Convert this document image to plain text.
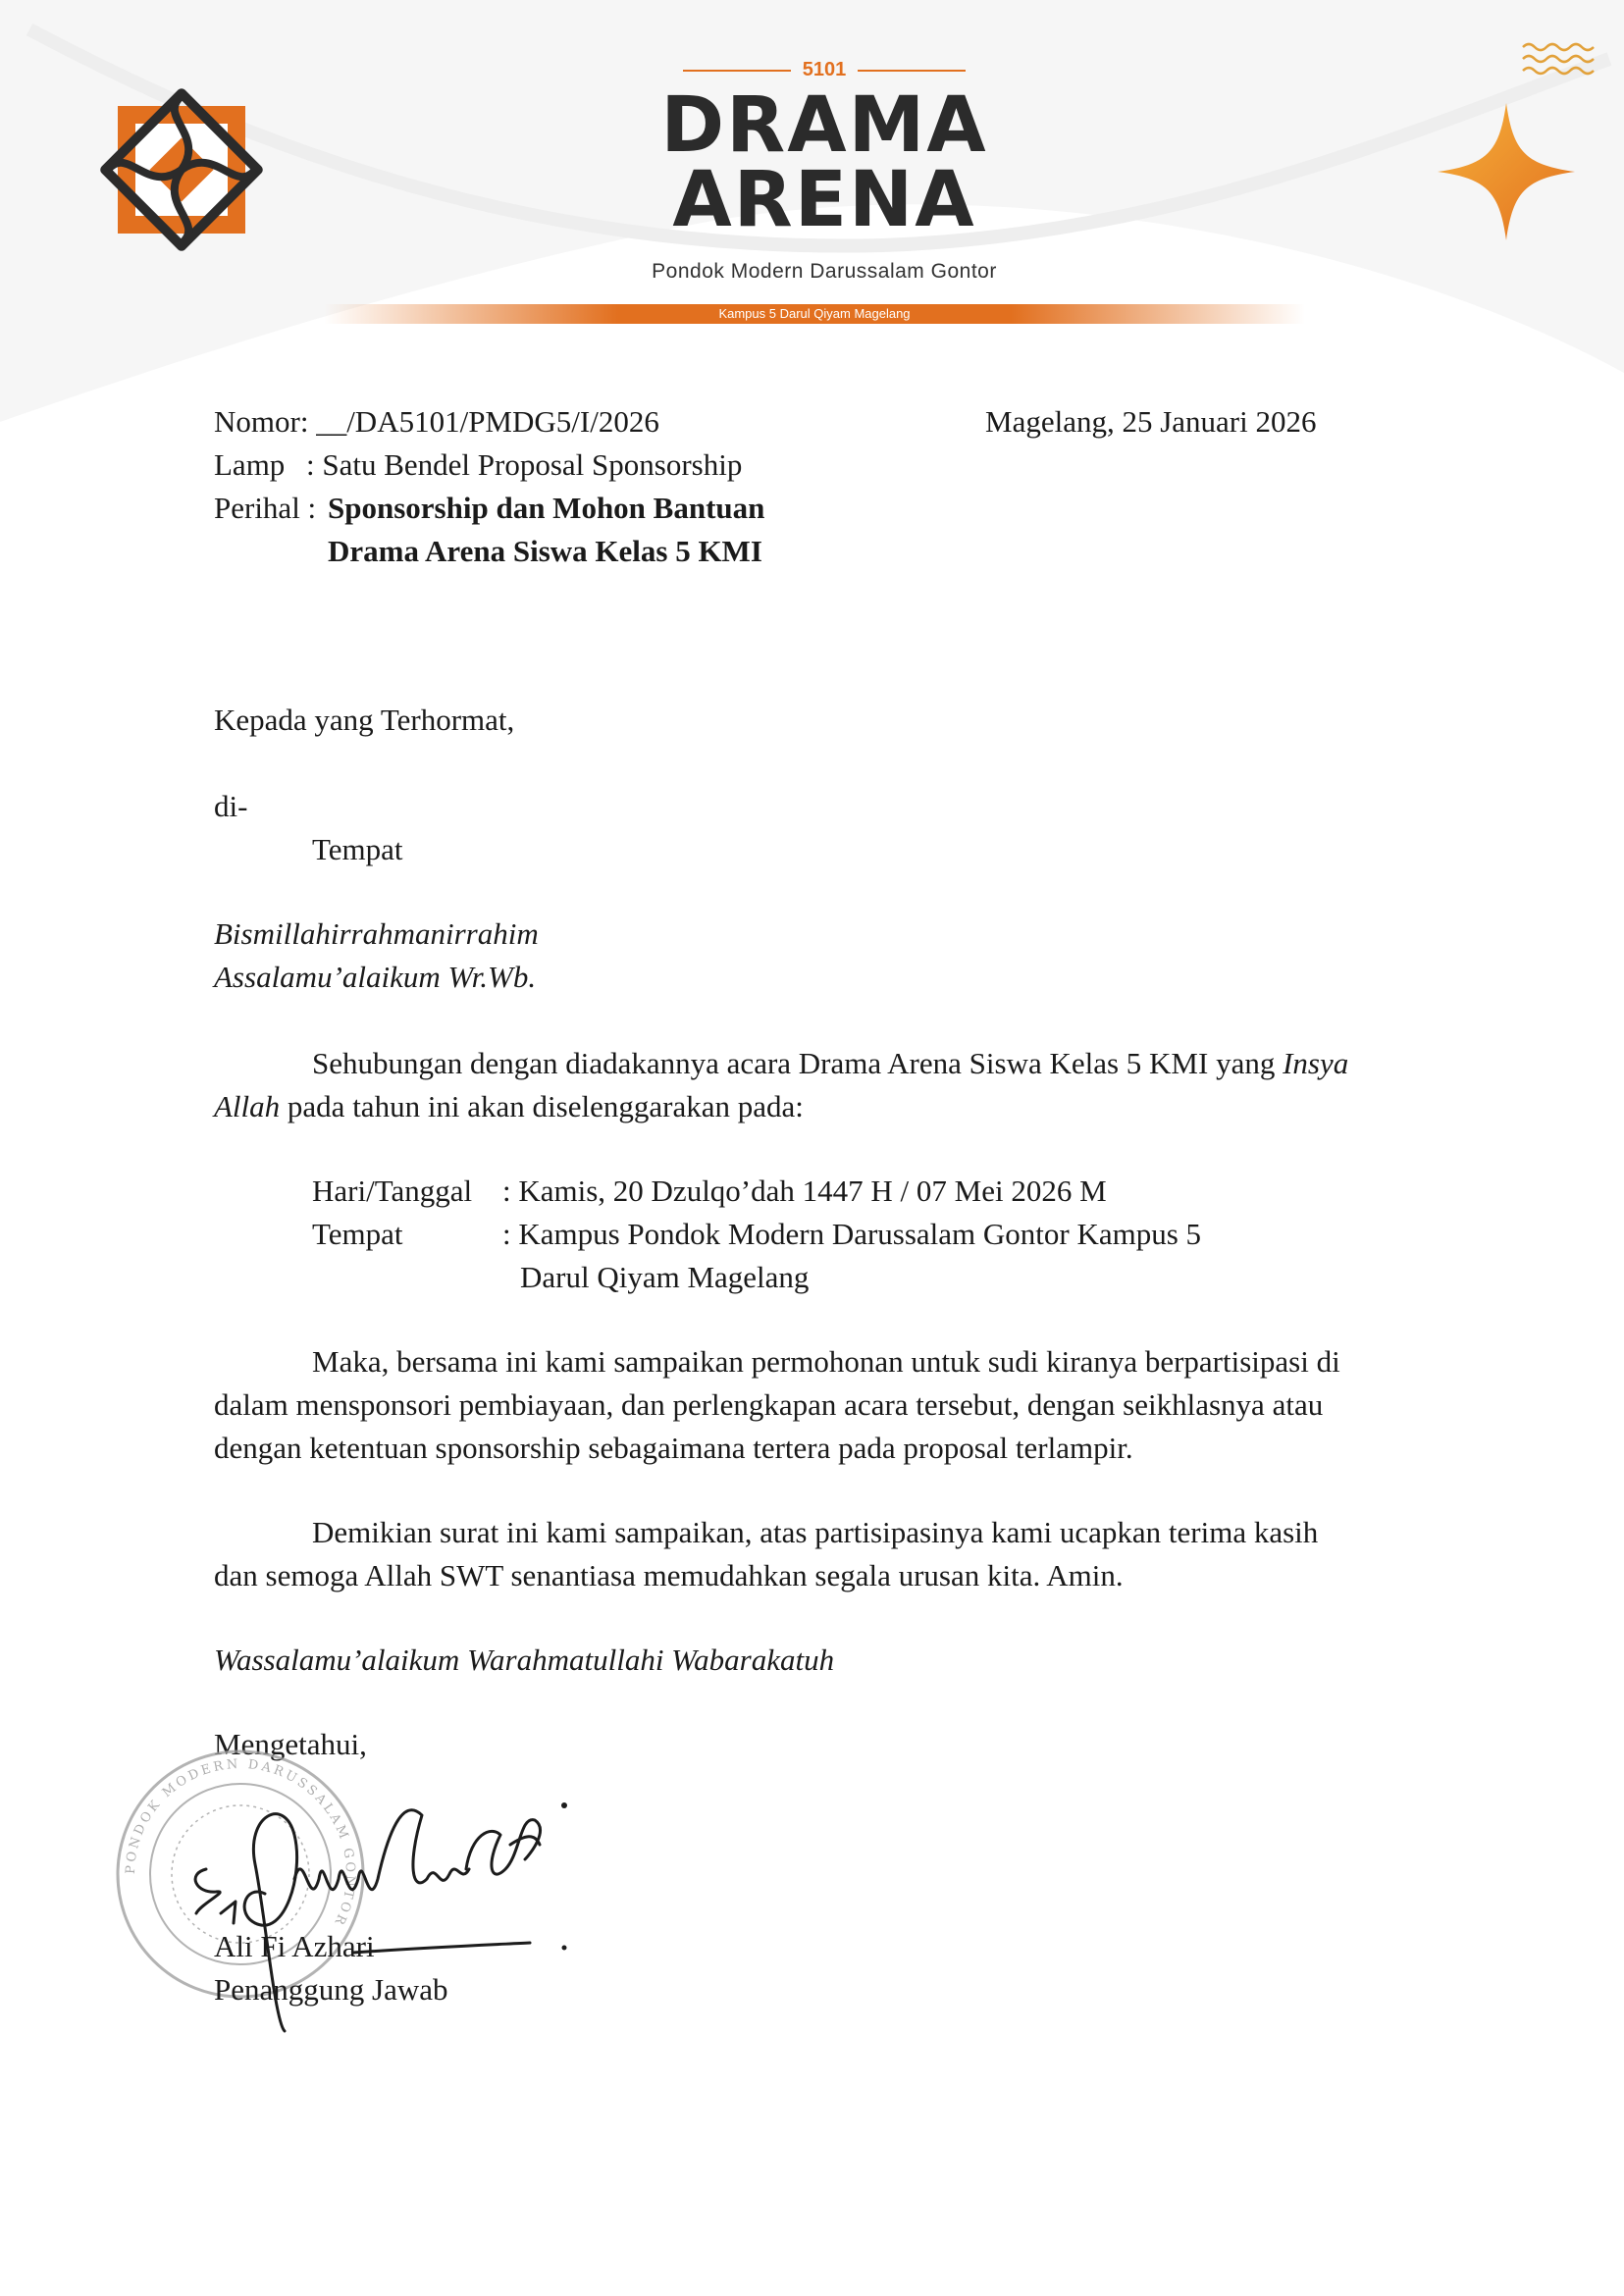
5101
DRAMA
ARENA
Pondok Modern Darussalam Gontor
Kampus 5 Darul Qiyam Magelang
Nomor: __/DA5101/PMDG5/I/2026	Magelang, 25 Januari 2026
Lamp : Satu Bendel Proposal Sponsorship
Perihal : Sponsorship dan Mohon Bantuan
Drama Arena Siswa Kelas 5 KMI
Kepada yang Terhormat,
di-
Tempat
Bismillahirrahmanirrahim
Assalamu’alaikum Wr.Wb.
Sehubungan dengan diadakannya acara Drama Arena Siswa Kelas 5 KMI yang Insya
Allah pada tahun ini akan diselenggarakan pada:
Hari/Tanggal : Kamis, 20 Dzulqo’dah 1447 H / 07 Mei 2026 M
Tempat	: Kampus Pondok Modern Darussalam Gontor Kampus 5
Darul Qiyam Magelang
Maka, bersama ini kami sampaikan permohonan untuk sudi kiranya berpartisipasi di
dalam mensponsori pembiayaan, dan perlengkapan acara tersebut, dengan seikhlasnya atau
dengan ketentuan sponsorship sebagaimana tertera pada proposal terlampir.
Demikian surat ini kami sampaikan, atas partisipasinya kami ucapkan terima kasih
dan semoga Allah SWT senantiasa memudahkan segala urusan kita. Amin.
Wassalamu’alaikum Warahmatullahi Wabarakatuh
Mengetahui,
PONDOK MODERN DARUSSALAM GONTOR
Ali Fi Azhari
Penanggung Jawab
